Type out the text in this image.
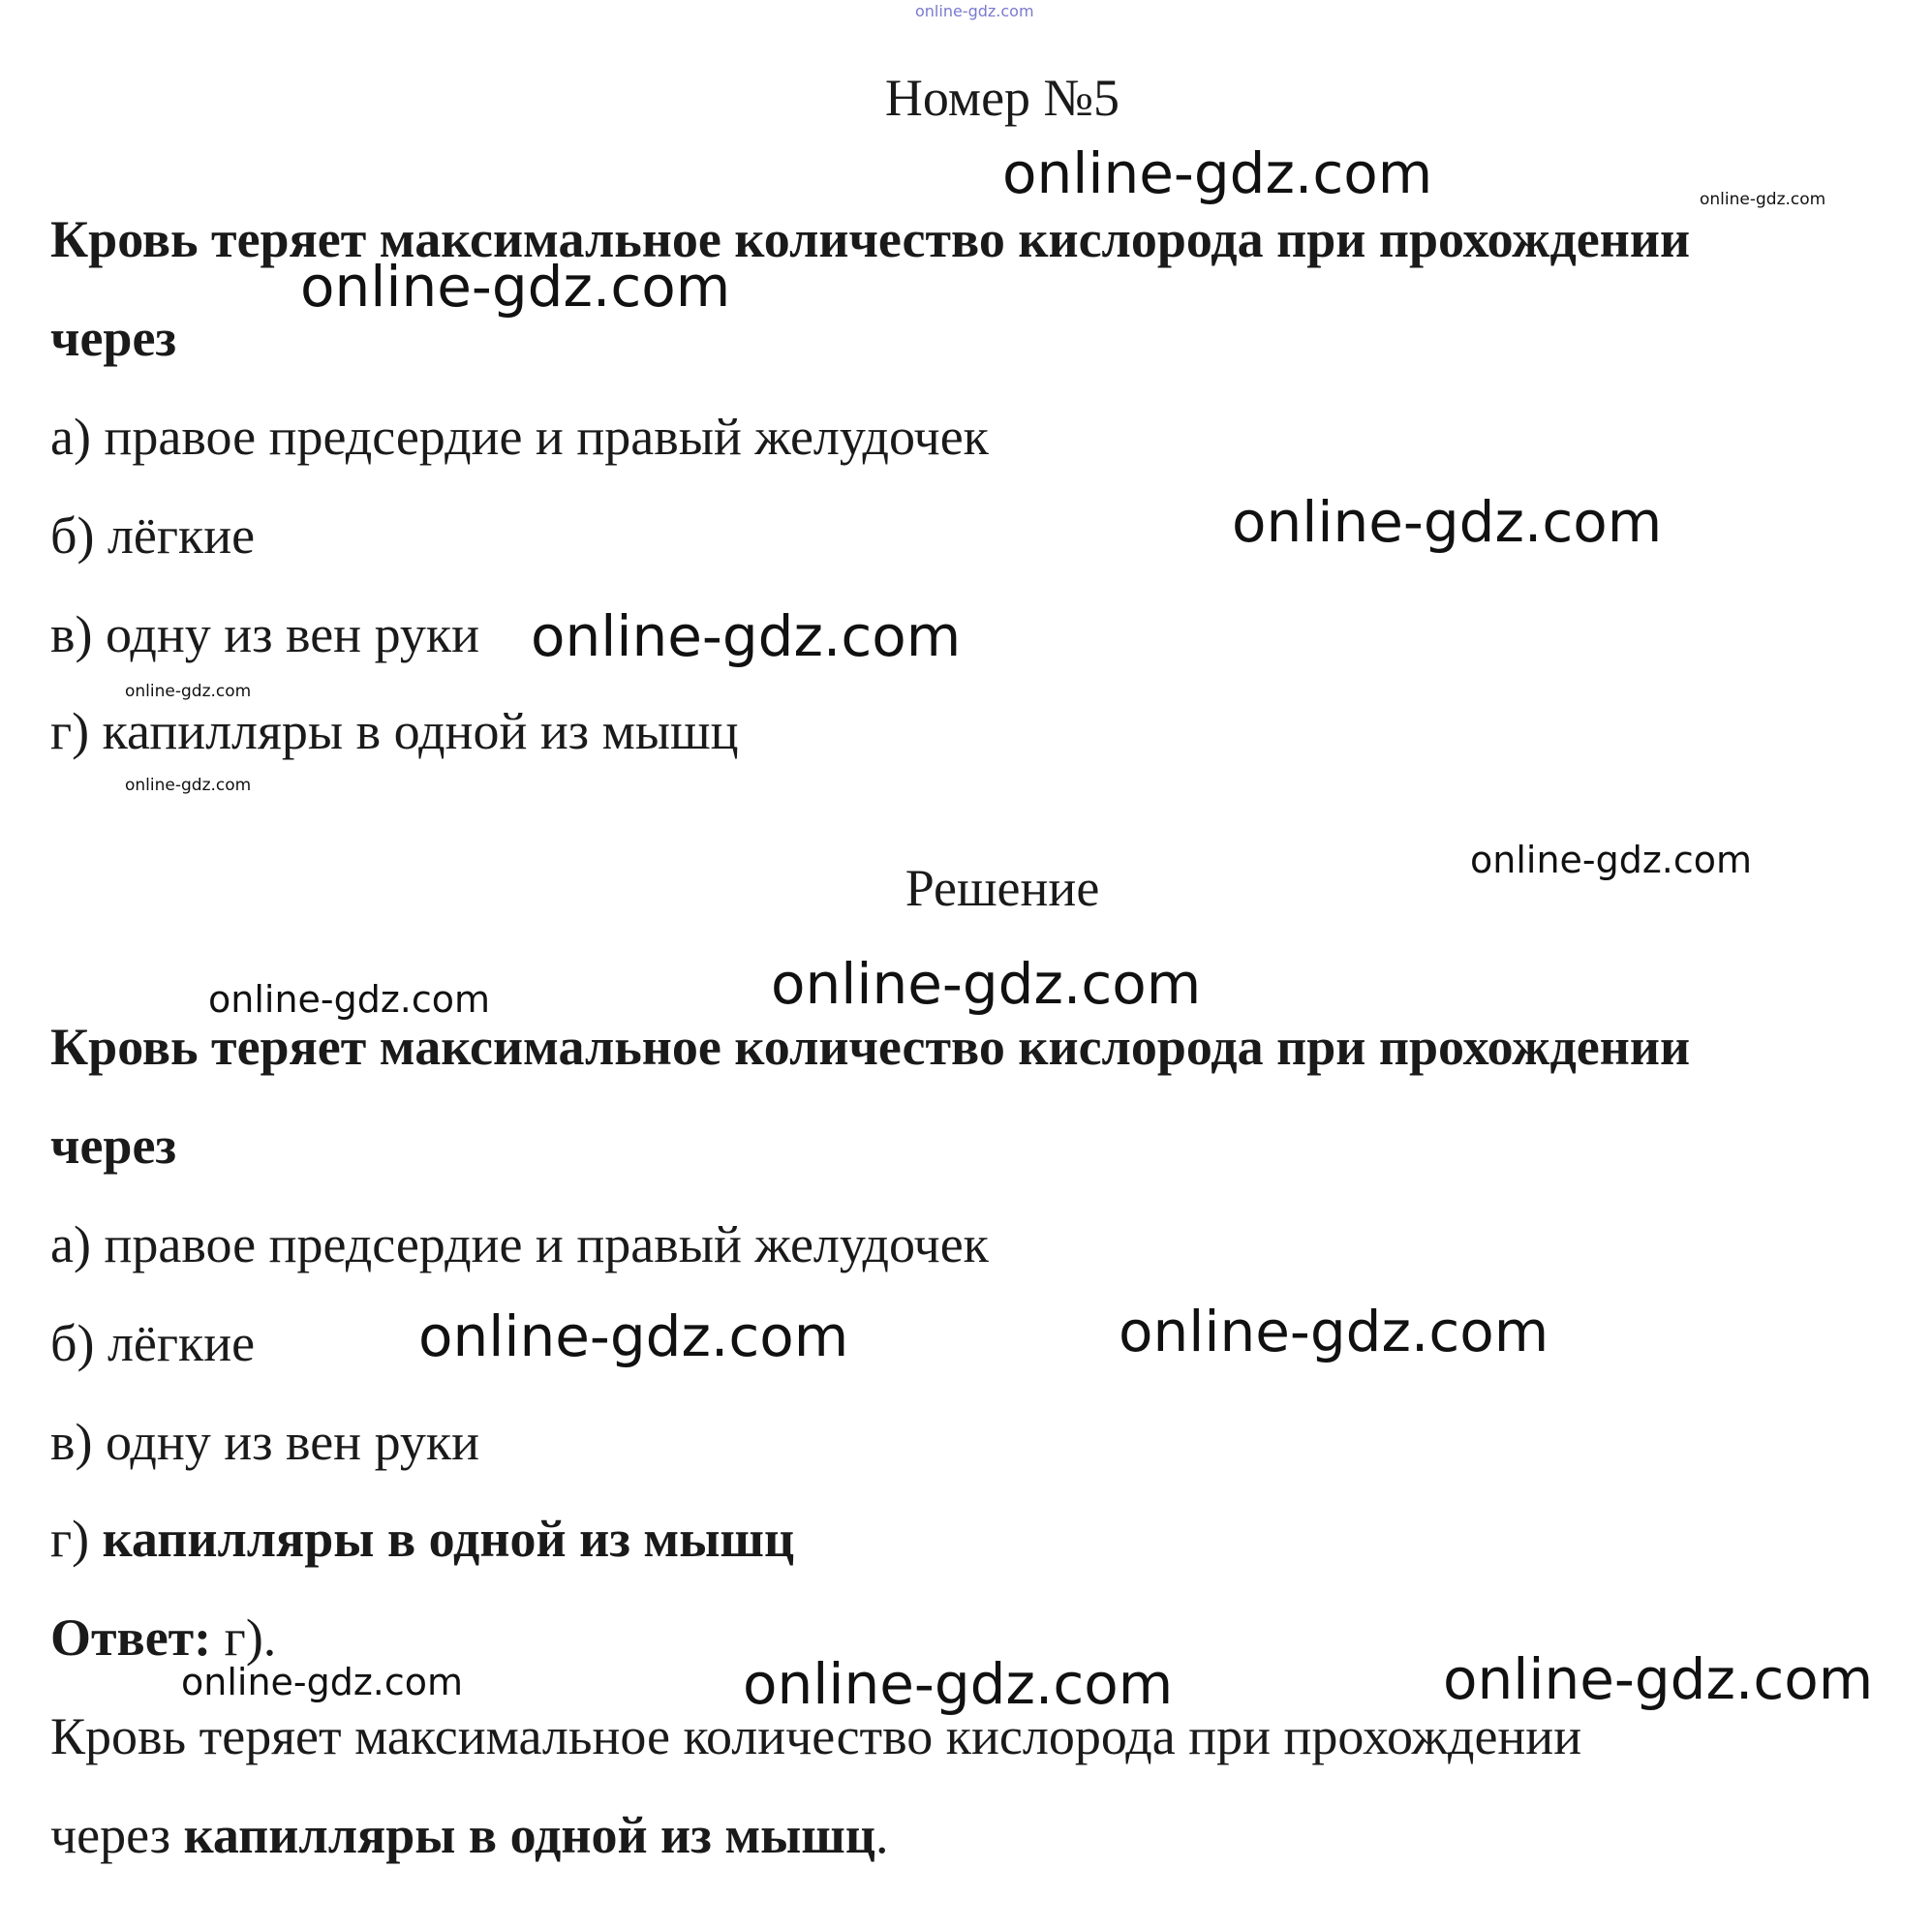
online-gdz.com
online-gdz.com	online-gdz.com
online-gdz.com
online-gdz.com
online-gdz.com
online-gdz.com
online-gdz.com
online-gdz.com
online-gdz.com	online-gdz.com
online-gdz.com	online-gdz.com
online-gdz.com	online-gdz.com	online-gdz.com
Номер №5
Кровь теряет максимальное количество кислорода при прохождении
через
а) правое предсердие и правый желудочек
б) лёгкие
в) одну из вен руки
г) капилляры в одной из мышц
Решение
Кровь теряет максимальное количество кислорода при прохождении
через
а) правое предсердие и правый желудочек
б) лёгкие
в) одну из вен руки
г) капилляры в одной из мышц
Ответ: г).
Кровь теряет максимальное количество кислорода при прохождении
через капилляры в одной из мышц.
